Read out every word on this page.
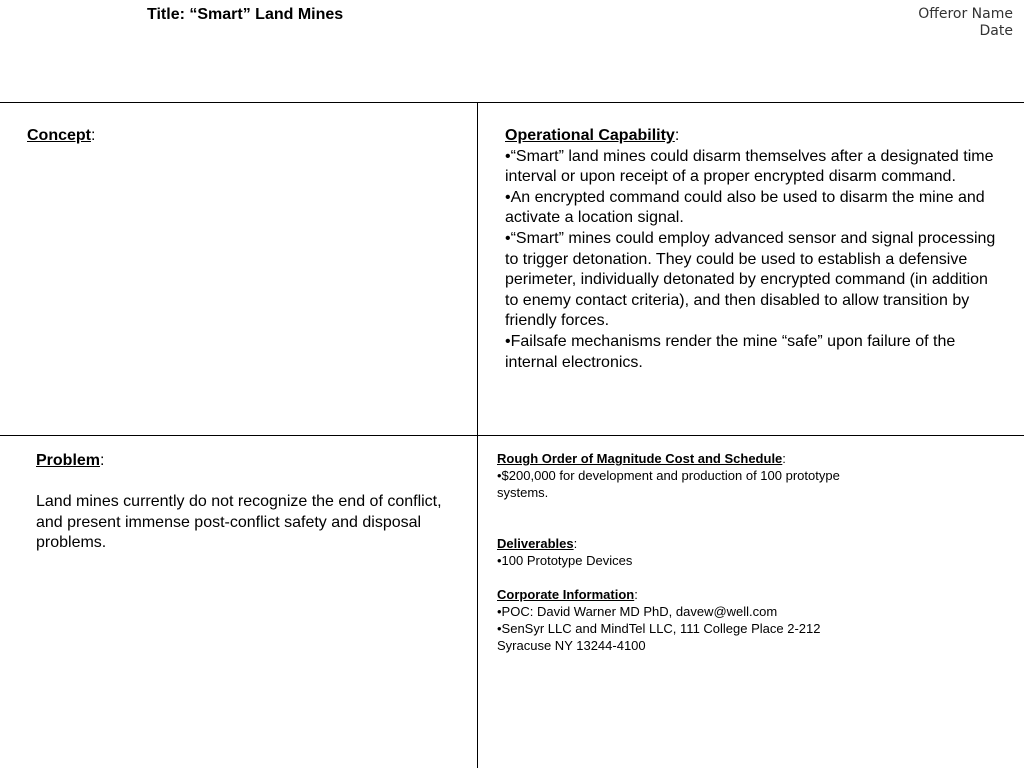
Title: “Smart” Land Mines	Offeror Name
Date
Concept:	Operational Capability:
•“Smart” land mines could disarm themselves after a designated time interval or upon receipt of a proper encrypted disarm command.
•An encrypted command could also be used to disarm the mine and activate a location signal.
•“Smart” mines could employ advanced sensor and signal processing to trigger detonation. They could be used to establish a defensive perimeter, individually detonated by encrypted command (in addition to enemy contact criteria), and then disabled to allow transition by friendly forces.
•Failsafe mechanisms render the mine “safe” upon failure of the internal electronics.
Problem:
Land mines currently do not recognize the end of conflict, and present immense post-conflict safety and disposal problems.
Rough Order of Magnitude Cost and Schedule:
•$200,000 for development and production of 100 prototype
systems.
Deliverables:
•100 Prototype Devices
Corporate Information:
•POC: David Warner MD PhD, davew@well.com
•SenSyr LLC and MindTel LLC, 111 College Place 2-212
Syracuse NY 13244-4100
